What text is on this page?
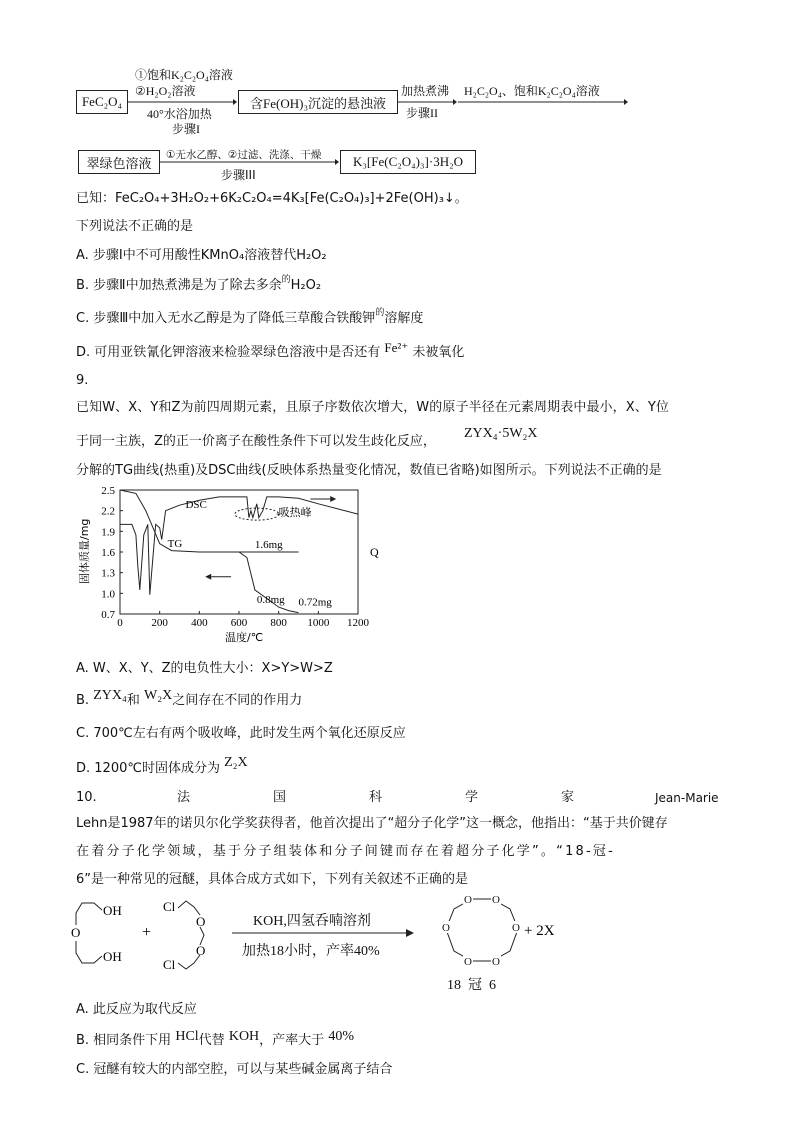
FeC₂O₄
①饱和K₂C₂O₄溶液
②H₂O₂溶液
40°水浴加热
步骤I
含Fe(OH)₃沉淀的悬浊液
加热煮沸
步骤II
H₂C₂O₄、饱和K₂C₂O₄溶液
翠绿色溶液
①无水乙醇、②过滤、洗涤、干燥
步骤III
K₃[Fe(C₂O₄)₃]·3H₂O
已知：FeC₂O₄+3H₂O₂+6K₂C₂O₄=4K₃[Fe(C₂O₄)₃]+2Fe(OH)₃↓。
下列说法不正确的是
A. 步骤Ⅰ中不可用酸性KMnO₄溶液替代H₂O₂
B. 步骤Ⅱ中加热煮沸是为了除去多余$^的$H₂O₂
C. 步骤Ⅲ中加入无水乙醇是为了降低三草酸合铁酸钾$^的$溶解度
D. 可用亚铁氰化钾溶液来检验翠绿色溶液中是否还有 Fe²⁺ 未被氧化
9.
已知W、X、Y和Z为前四周期元素，且原子序数依次增大，W的原子半径在元素周期表中最小，X、Y位
于同一主族，Z的正一价离子在酸性条件下可以发生歧化反应，
ZYX₄·5W₂X
分解的TG曲线(热重)及DSC曲线(反映体系热量变化情况，数值已省略)如图所示。下列说法不正确的是
0	200 400 600 800 1000 1200
0.7
1.0
1.3
1.6
1.9
2.2
2.5
温度/℃
固体质量/mg	Q
DSC
TG	1.6mg
0.8mg 0.72mg
吸热峰
A. W、X、Y、Z的电负性大小：X>Y>W>Z
B. ZYX₄和 W₂X之间存在不同的作用力
C. 700℃左右有两个吸收峰，此时发生两个氧化还原反应
D. 1200℃时固体成分为 Z₂X
10.	法	国	科	学	家	Jean-Marie
Lehn是1987年的诺贝尔化学奖获得者，他首次提出了“超分子化学”这一概念，他指出：“基于共价键存
在着分子化学领域，基于分子组装体和分子间键而存在着超分子化学”。“18-冠-
6”是一种常见的冠醚，具体合成方式如下，下列有关叙述不正确的是
O
OH
OH
+
Cl
Cl
O
O
O O
O
O
O
O	+ 2X
KOH,四氢呑喃溶剂
加热18小时，产率40%
18  冠  6
A. 此反应为取代反应
B. 相同条件下用 HCl代替 KOH，产率大于 40%
C. 冠醚有较大的内部空腔，可以与某些碱金属离子结合
